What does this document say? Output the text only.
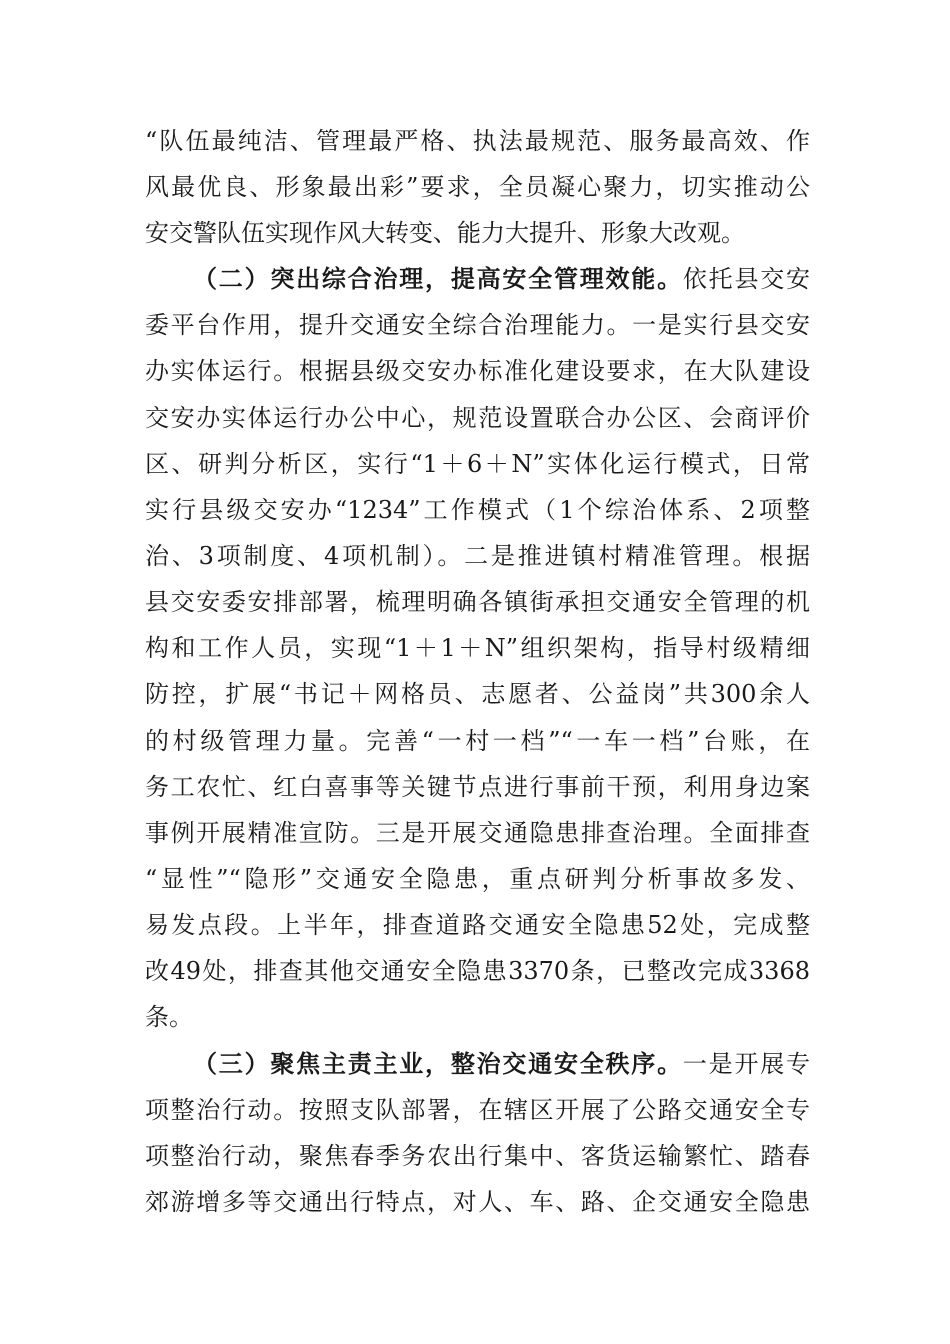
“队伍最纯洁、管理最严格、执法最规范、服务最高效、作
风最优良、形象最出彩”要求，全员凝心聚力，切实推动公
安交警队伍实现作风大转变、能力大提升、形象大改观。
（二）突出综合治理，提高安全管理效能。依托县交安
委平台作用，提升交通安全综合治理能力。一是实行县交安
办实体运行。根据县级交安办标准化建设要求，在大队建设
交安办实体运行办公中心，规范设置联合办公区、会商评价
区、研判分析区，实行“1＋6＋N”实体化运行模式，日常
实行县级交安办“1234”工作模式（1个综治体系、2项整
治、3项制度、4项机制）。二是推进镇村精准管理。根据
县交安委安排部署，梳理明确各镇街承担交通安全管理的机
构和工作人员，实现“1＋1＋N”组织架构，指导村级精细
防控，扩展“书记＋网格员、志愿者、公益岗”共300余人
的村级管理力量。完善“一村一档”“一车一档”台账，在
务工农忙、红白喜事等关键节点进行事前干预，利用身边案
事例开展精准宣防。三是开展交通隐患排查治理。全面排查
“显性”“隐形”交通安全隐患，重点研判分析事故多发、
易发点段。上半年，排查道路交通安全隐患52处，完成整
改49处，排查其他交通安全隐患3370条，已整改完成3368
条。
（三）聚焦主责主业，整治交通安全秩序。一是开展专
项整治行动。按照支队部署，在辖区开展了公路交通安全专
项整治行动，聚焦春季务农出行集中、客货运输繁忙、踏春
郊游增多等交通出行特点，对人、车、路、企交通安全隐患
